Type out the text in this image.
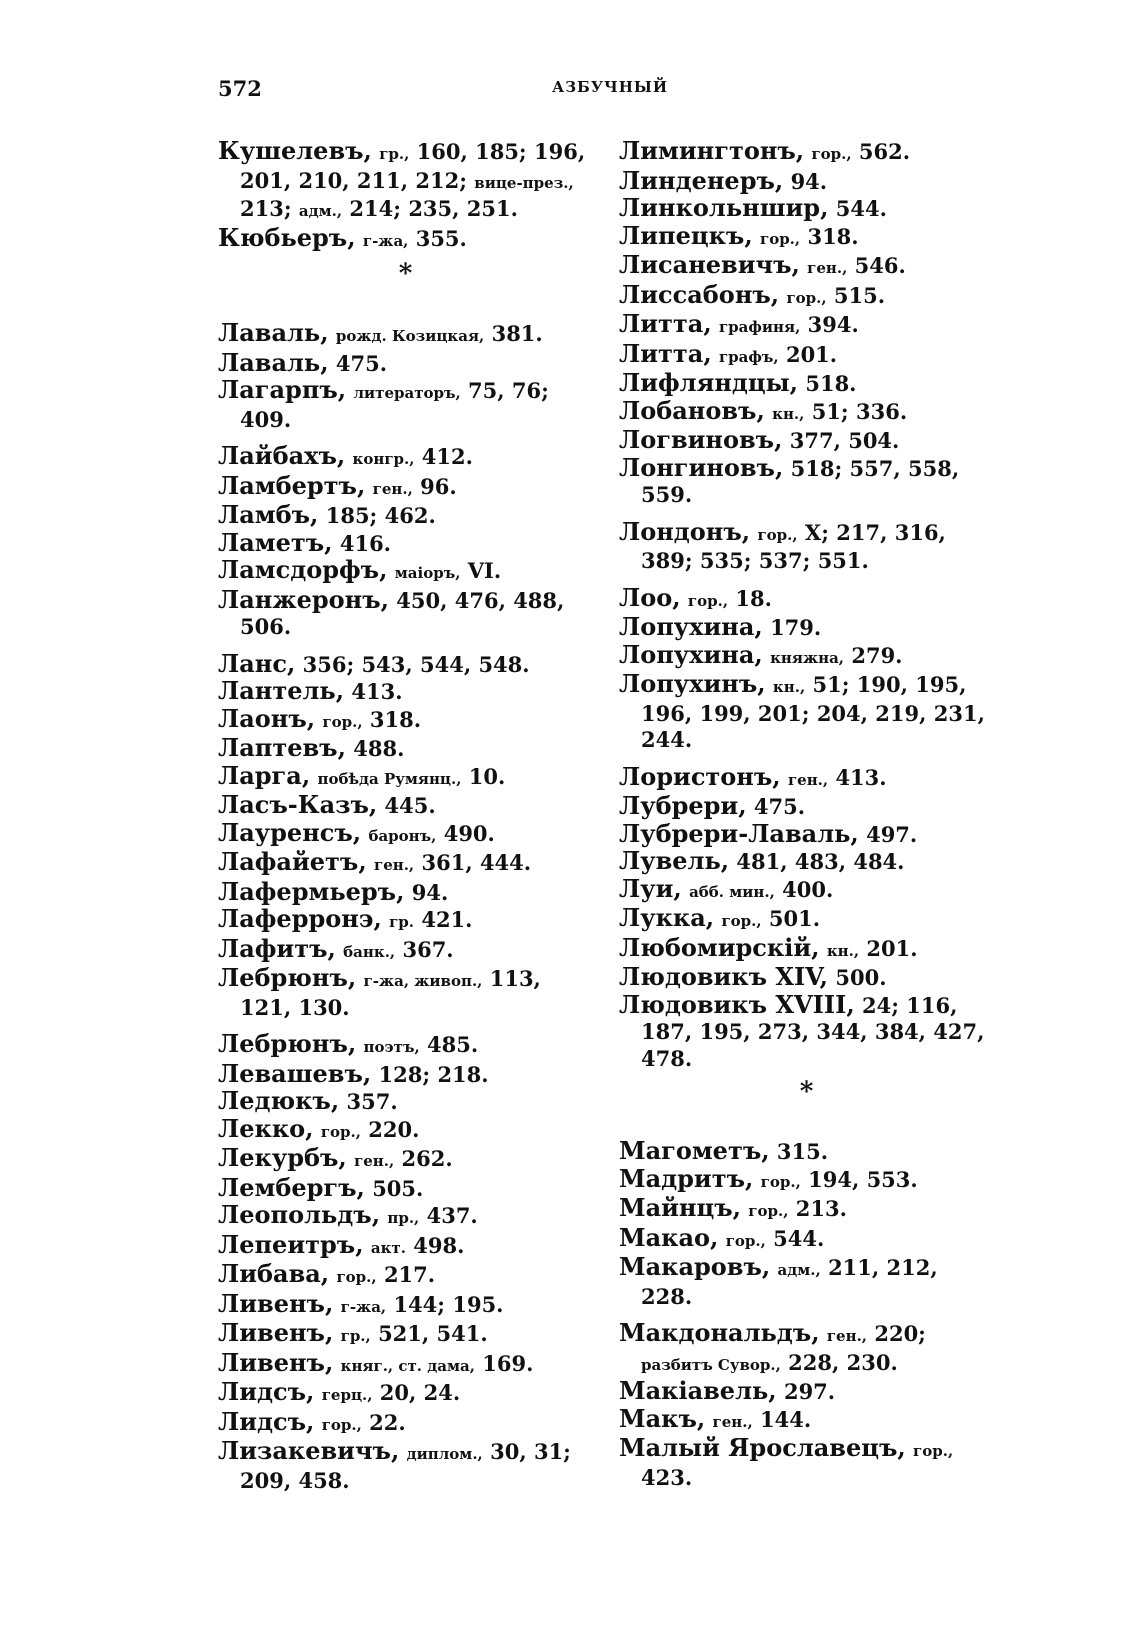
572	АЗБУЧНЫЙ
Кушелевъ, гр., 160, 185; 196, 201, 210, 211, 212; вице-през., 213; адм., 214; 235, 251.
Кюбьеръ, г-жа, 355.
*
Лаваль, рожд. Козицкая, 381.
Лаваль, 475.
Лагарпъ, литераторъ, 75, 76; 409.
Лайбахъ, конгр., 412.
Ламбертъ, ген., 96.
Ламбъ, 185; 462.
Ламетъ, 416.
Ламсдорфъ, маіоръ, VI.
Ланжеронъ, 450, 476, 488, 506.
Ланс, 356; 543, 544, 548.
Лантель, 413.
Лаонъ, гор., 318.
Лаптевъ, 488.
Ларга, побѣда Румянц., 10.
Ласъ-Казъ, 445.
Лауренсъ, баронъ, 490.
Лафайетъ, ген., 361, 444.
Лафермьеръ, 94.
Лаферронэ, гр. 421.
Лафитъ, банк., 367.
Лебрюнъ, г-жа, живоп., 113, 121, 130.
Лебрюнъ, поэтъ, 485.
Левашевъ, 128; 218.
Ледюкъ, 357.
Лекко, гор., 220.
Лекурбъ, ген., 262.
Лембергъ, 505.
Леопольдъ, пр., 437.
Лепеитръ, акт. 498.
Либава, гор., 217.
Ливенъ, г-жа, 144; 195.
Ливенъ, гр., 521, 541.
Ливенъ, княг., ст. дама, 169.
Лидсъ, герц., 20, 24.
Лидсъ, гор., 22.
Лизакевичъ, диплом., 30, 31; 209, 458.
Лимингтонъ, гор., 562.
Линденеръ, 94.
Линкольншир, 544.
Липецкъ, гор., 318.
Лисаневичъ, ген., 546.
Лиссабонъ, гор., 515.
Литта, графиня, 394.
Литта, графъ, 201.
Лифляндцы, 518.
Лобановъ, кн., 51; 336.
Логвиновъ, 377, 504.
Лонгиновъ, 518; 557, 558, 559.
Лондонъ, гор., X; 217, 316, 389; 535; 537; 551.
Лоо, гор., 18.
Лопухина, 179.
Лопухина, княжна, 279.
Лопухинъ, кн., 51; 190, 195, 196, 199, 201; 204, 219, 231, 244.
Лористонъ, ген., 413.
Лубрери, 475.
Лубрери-Лаваль, 497.
Лувель, 481, 483, 484.
Луи, абб. мин., 400.
Лукка, гор., 501.
Любомирскій, кн., 201.
Людовикъ XIV, 500.
Людовикъ XVIII, 24; 116, 187, 195, 273, 344, 384, 427, 478.
*
Магометъ, 315.
Мадритъ, гор., 194, 553.
Майнцъ, гор., 213.
Макао, гор., 544.
Макаровъ, адм., 211, 212, 228.
Макдональдъ, ген., 220; разбитъ Сувор., 228, 230.
Макіавель, 297.
Макъ, ген., 144.
Малый Ярославецъ, гор., 423.
